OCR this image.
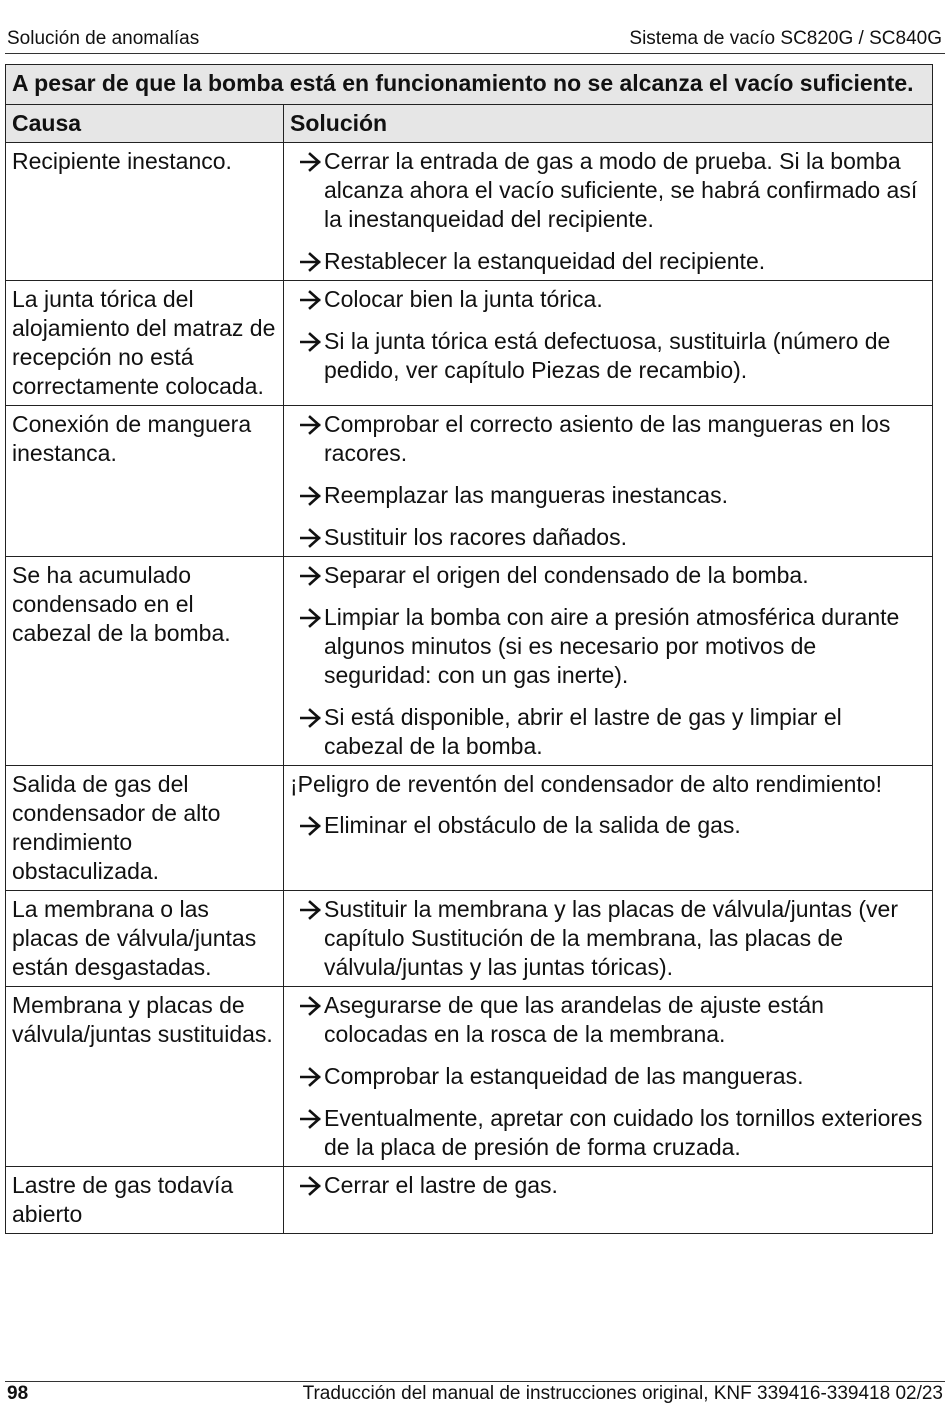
Solución de anomalías	Sistema de vacío SC820G / SC840G
A pesar de que la bomba está en funcionamiento no se alcanza el vacío suficiente.	
Causa	Solución
Recipiente inestanco.	Cerrar la entrada de gas a modo de prueba. Si la bomba alcanza ahora el vacío suficiente, se habrá confirmado así la inestanqueidad del recipiente.
Restablecer la estanqueidad del recipiente.

La junta tórica del alojamiento del matraz de recepción no está correctamente colocada.	Colocar bien la junta tórica.
Si la junta tórica está defectuosa, sustituirla (número de pedido, ver capítulo Piezas de recambio).

Conexión de manguera inestanca.	Comprobar el correcto asiento de las mangueras en los racores.
Reemplazar las mangueras inestancas.
Sustituir los racores dañados.

Se ha acumulado condensado en el cabezal de la bomba.	Separar el origen del condensado de la bomba.
Limpiar la bomba con aire a presión atmosférica durante algunos minutos (si es necesario por motivos de seguridad: con un gas inerte).
Si está disponible, abrir el lastre de gas y limpiar el cabezal de la bomba.

Salida de gas del condensador de alto rendimiento obstaculizada.	¡Peligro de reventón del condensador de alto rendimiento!
Eliminar el obstáculo de la salida de gas.

La membrana o las placas de válvula/juntas están desgastadas.	Sustituir la membrana y las placas de válvula/juntas (ver capítulo Sustitución de la membrana, las placas de válvula/juntas y las juntas tóricas).

Membrana y placas de válvula/juntas sustituidas.	Asegurarse de que las arandelas de ajuste están colocadas en la rosca de la membrana.
Comprobar la estanqueidad de las mangueras.
Eventualmente, apretar con cuidado los tornillos exteriores de la placa de presión de forma cruzada.

Lastre de gas todavía abierto	Cerrar el lastre de gas.
98	Traducción del manual de instrucciones original, KNF 339416-339418 02/23
